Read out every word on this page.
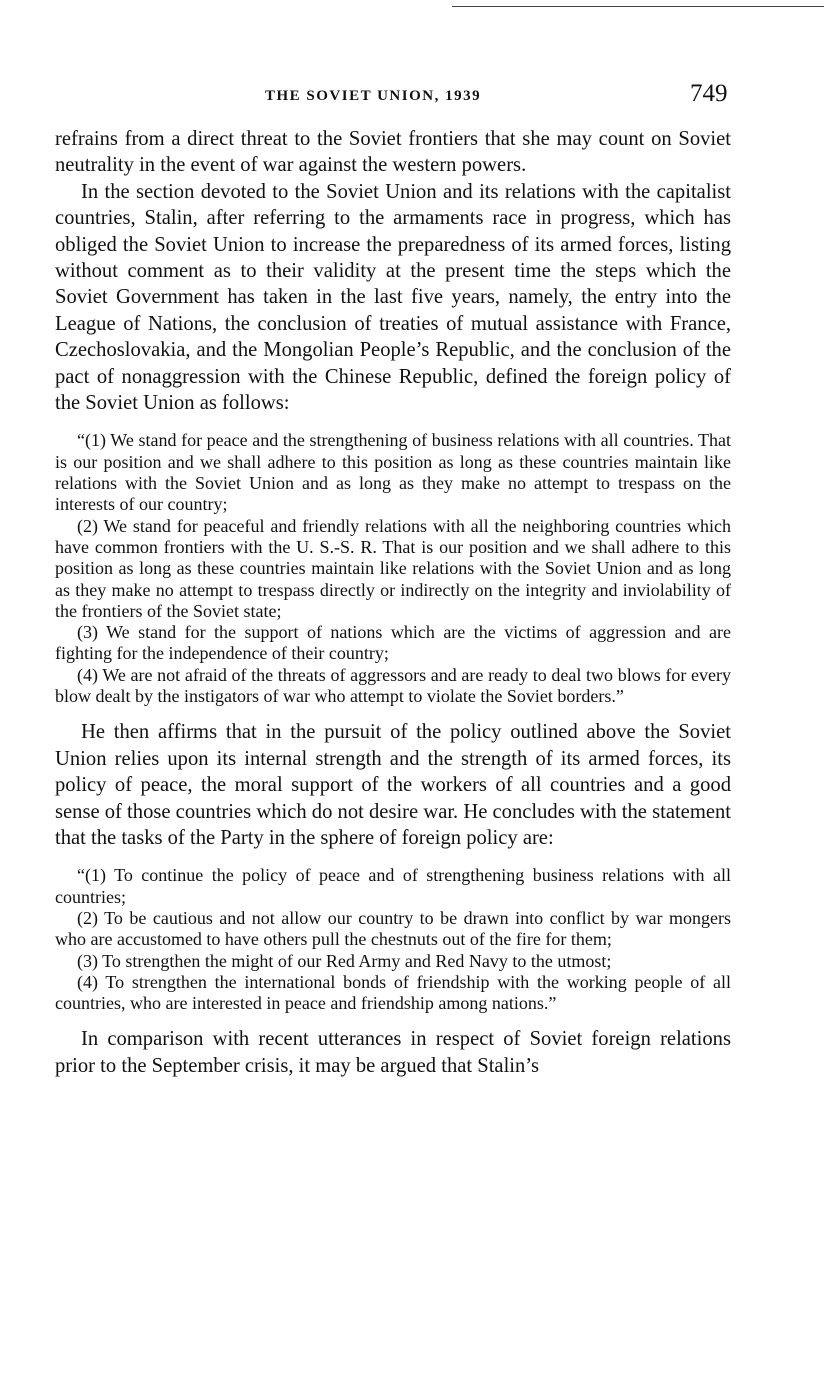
THE SOVIET UNION, 1939	749

refrains from a direct threat to the Soviet frontiers that she may count on Soviet neutrality in the event of war against the western powers.

In the section devoted to the Soviet Union and its relations with the capitalist countries, Stalin, after referring to the armaments race in progress, which has obliged the Soviet Union to increase the preparedness of its armed forces, listing without comment as to their validity at the present time the steps which the Soviet Government has taken in the last five years, namely, the entry into the League of Nations, the conclusion of treaties of mutual assistance with France, Czechoslovakia, and the Mongolian People’s Republic, and the conclusion of the pact of nonaggression with the Chinese Republic, defined the foreign policy of the Soviet Union as follows:

“(1) We stand for peace and the strengthening of business relations with all countries. That is our position and we shall adhere to this position as long as these countries maintain like relations with the Soviet Union and as long as they make no attempt to trespass on the interests of our country;

(2) We stand for peaceful and friendly relations with all the neighboring countries which have common frontiers with the U. S.-S. R. That is our position and we shall adhere to this position as long as these countries maintain like relations with the Soviet Union and as long as they make no attempt to trespass directly or indirectly on the integrity and inviolability of the frontiers of the Soviet state;

(3) We stand for the support of nations which are the victims of aggression and are fighting for the independence of their country;

(4) We are not afraid of the threats of aggressors and are ready to deal two blows for every blow dealt by the instigators of war who attempt to violate the Soviet borders.”

He then affirms that in the pursuit of the policy outlined above the Soviet Union relies upon its internal strength and the strength of its armed forces, its policy of peace, the moral support of the workers of all countries and a good sense of those countries which do not desire war. He concludes with the statement that the tasks of the Party in the sphere of foreign policy are:

“(1) To continue the policy of peace and of strengthening business relations with all countries;

(2) To be cautious and not allow our country to be drawn into conflict by war mongers who are accustomed to have others pull the chestnuts out of the fire for them;

(3) To strengthen the might of our Red Army and Red Navy to the utmost;

(4) To strengthen the international bonds of friendship with the working people of all countries, who are interested in peace and friendship among nations.”

In comparison with recent utterances in respect of Soviet foreign relations prior to the September crisis, it may be argued that Stalin’s
